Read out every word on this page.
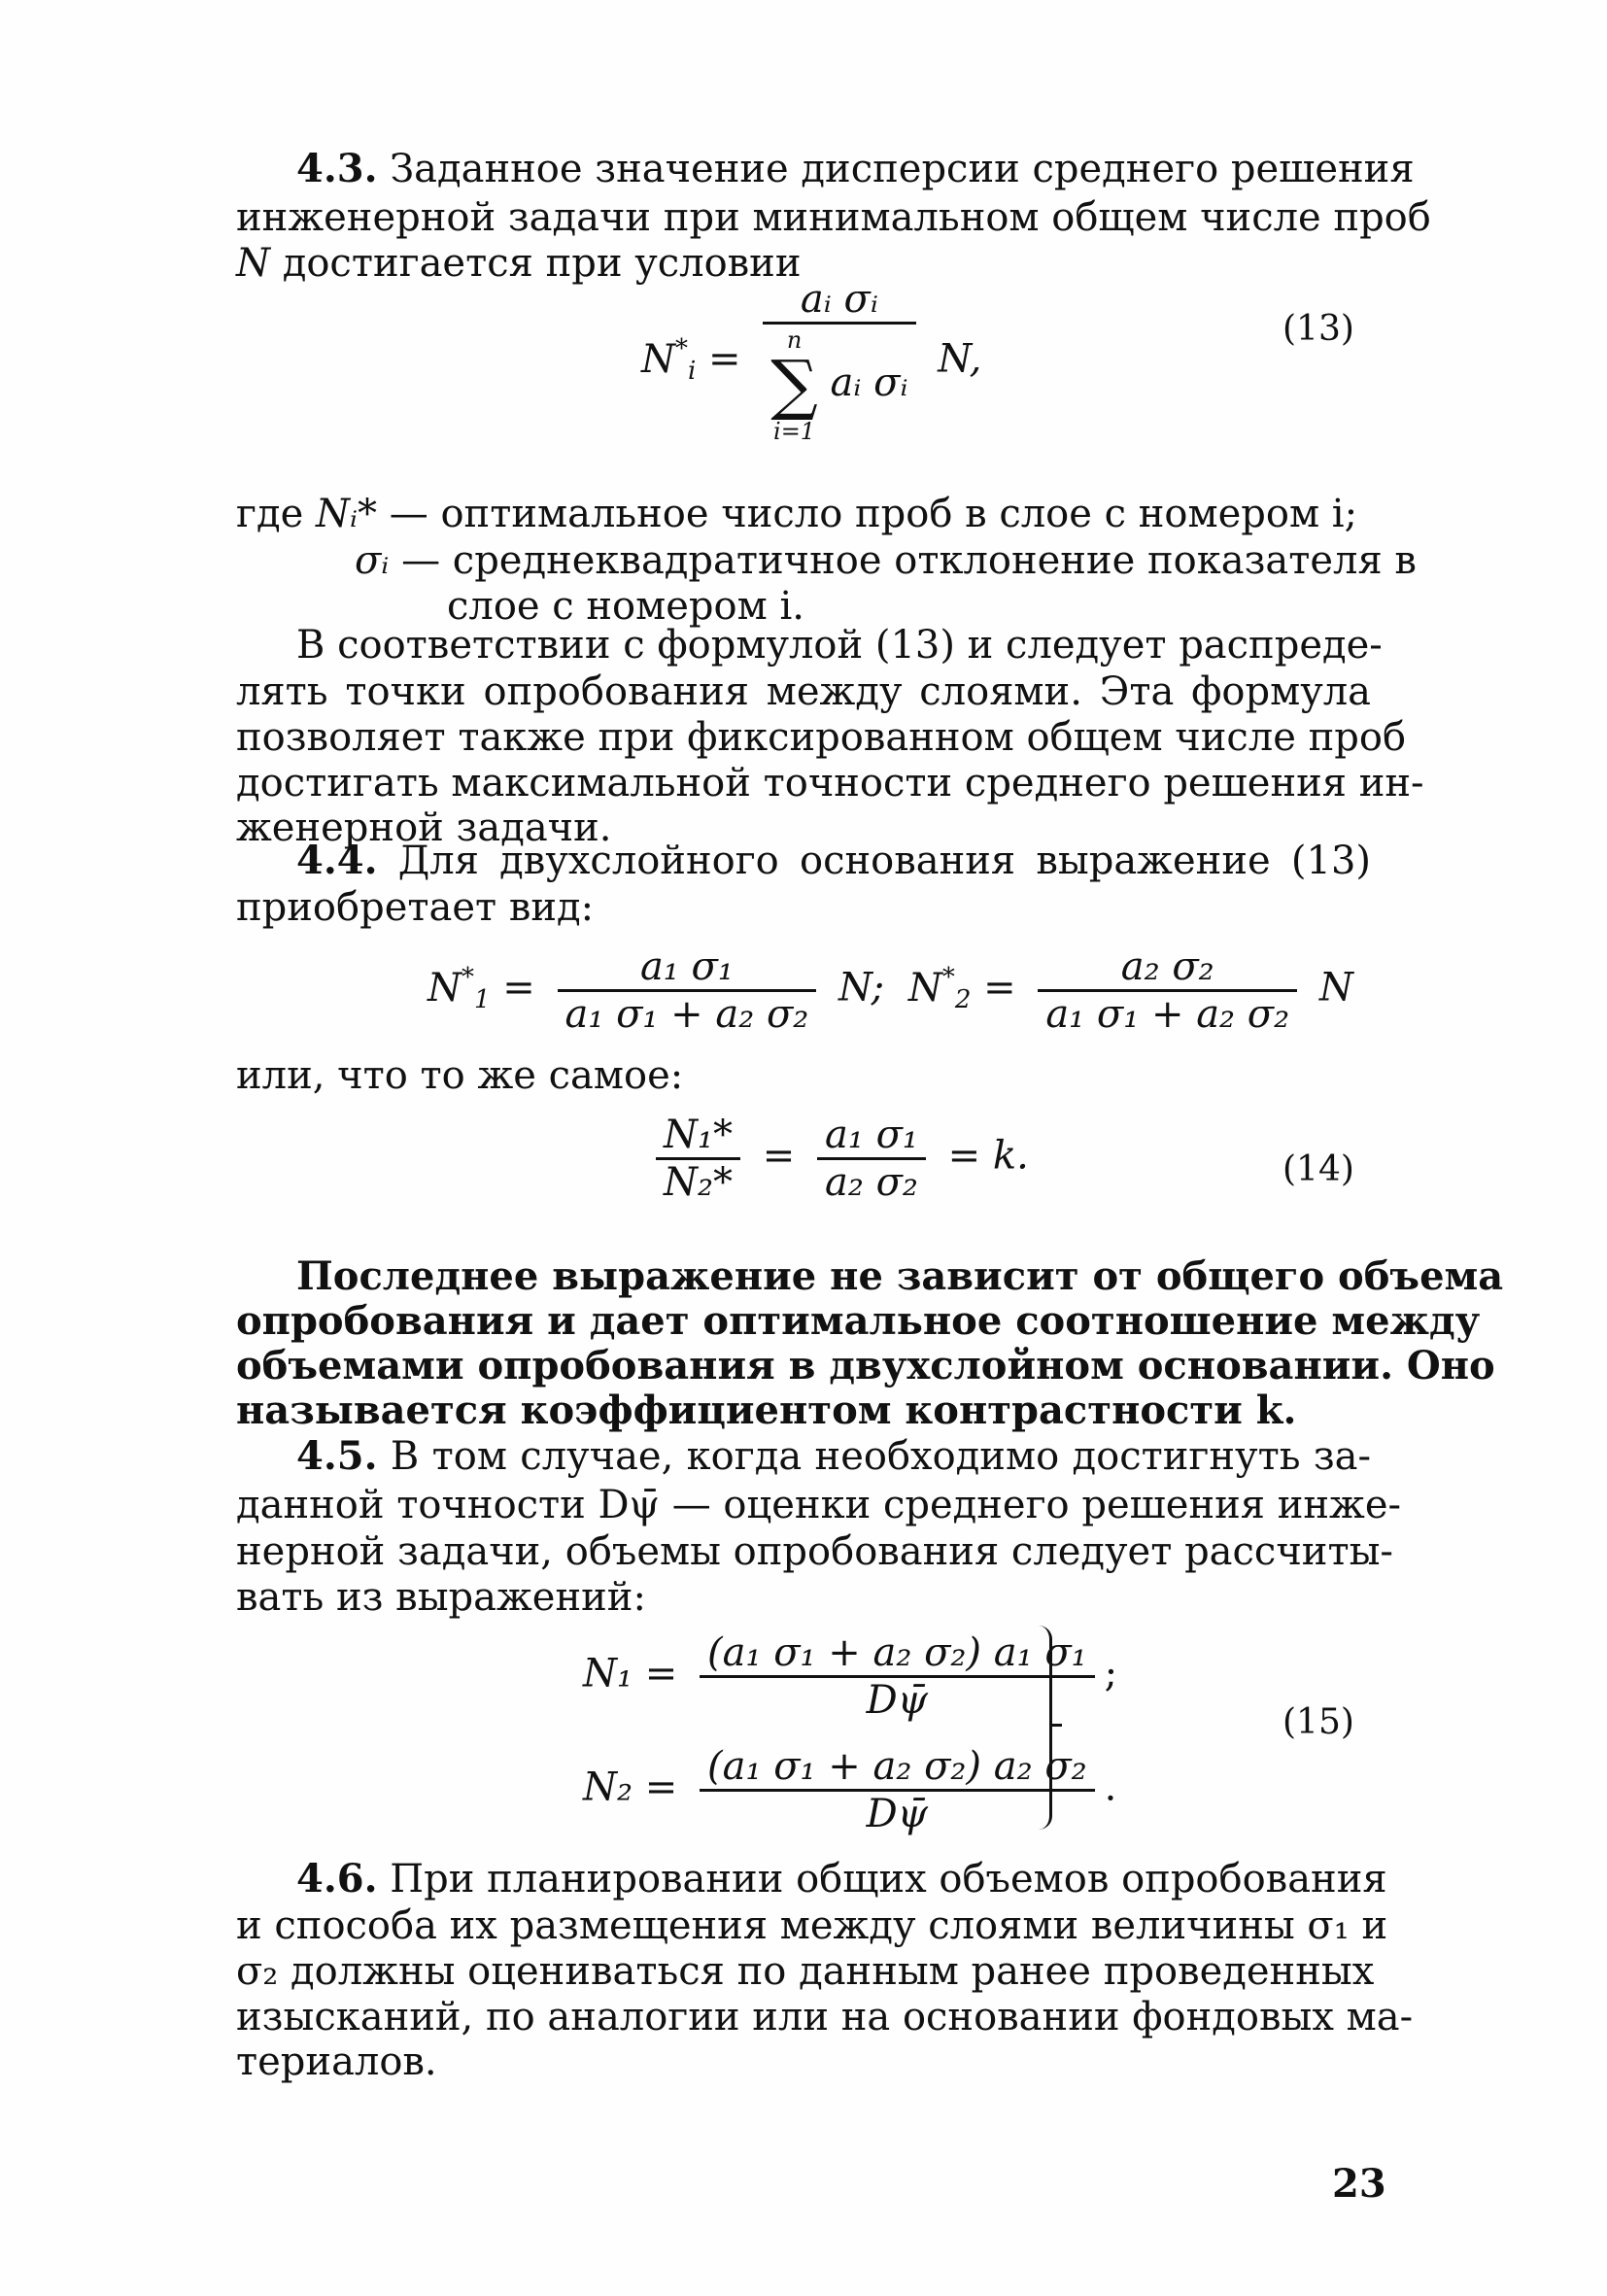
4.3. Заданное значение дисперсии среднего решения
инженерной задачи при минимальном общем числе проб
N достигается при условии
$N^*_i$ = aᵢ σᵢ
n
∑
i=1
aᵢ σᵢ N,
(13)
где Nᵢ* — оптимальное число проб в слое с номером i;
σᵢ — среднеквадратичное отклонение показателя в
слое с номером i.
В соответствии с формулой (13) и следует распреде-
лять точки опробования между слоями. Эта формула
позволяет также при фиксированном общем числе проб
достигать максимальной точности среднего решения ин-
женерной задачи.
4.4. Для двухслойного основания выражение (13)
приобретает вид:
$N^*_1 = \frac{\text{a₁ σ₁}}{\text{a₁ σ₁ + a₂ σ₂}} N$; $N^*_2 = \frac{\text{a₂ σ₂}}{\text{a₁ σ₁ + a₂ σ₂}}$ N
или, что то же самое:
$\frac{\text{N₁*}}{\text{N₂*}} = \frac{\text{a₁ σ₁}}{\text{a₂ σ₂}} = k$.	(14)
Последнее выражение не зависит от общего объема
опробования и дает оптимальное соотношение между
объемами опробования в двухслойном основании. Оно
называется коэффициентом контрастности k.
4.5. В том случае, когда необходимо достигнуть за-
данной точности Dψ̄ — оценки среднего решения инже-
нерной задачи, объемы опробования следует рассчиты-
вать из выражений:
$N_1 = \frac{\text{(a₁ σ₁ + a₂ σ₂) a₁ σ₁}}{D\psī}$ ;
$N_2 = \frac{\text{(a₁ σ₁ + a₂ σ₂) a₂ σ₂}}{D\psī}$ .
(15)
4.6. При планировании общих объемов опробования
и способа их размещения между слоями величины σ₁ и
σ₂ должны оцениваться по данным ранее проведенных
изысканий, по аналогии или на основании фондовых ма-
териалов.
23
